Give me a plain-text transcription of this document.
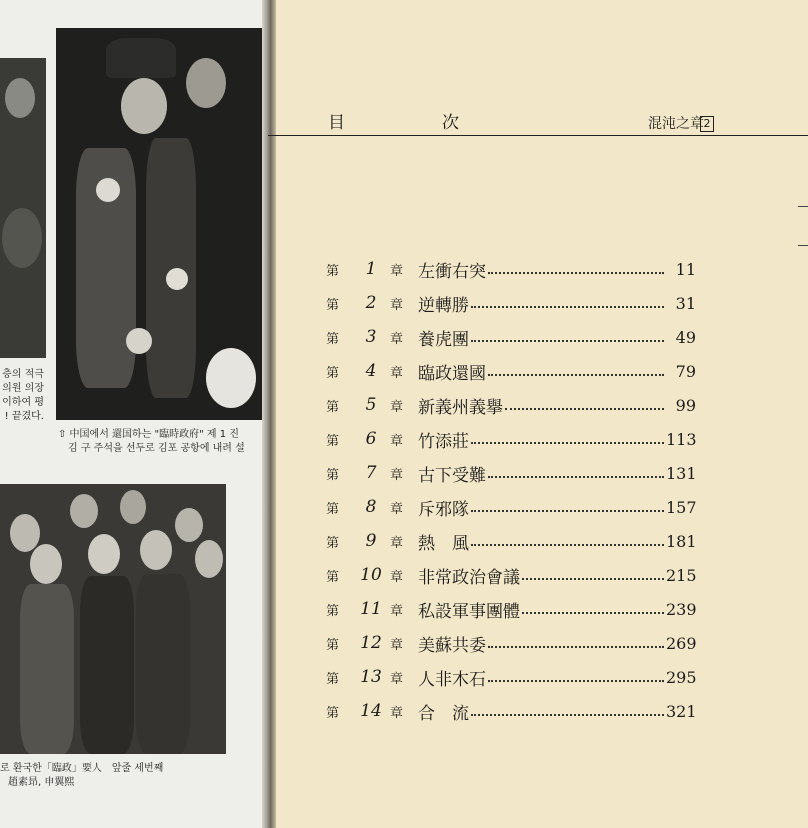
층의 적극
의원 의장
이하여 평
! 끝겼다.
⇧ 中国에서 還国하는 "臨時政府" 제 1 진
김 구 주석을 선두로 김포 공항에 내려 설
로 환국한「臨政」要人　앞줄 세번째
趙素昻, 申翼熙
目　次	混沌之章 2
第	1	章 左衝右突	11
第	2	章 逆轉勝	31
第	3	章 養虎團	49
第	4	章 臨政還國	79
第	5	章 新義州義擧	99
第	6	章 竹添莊	113
第	7	章 古下受難	131
第	8	章 斥邪隊	157
第	9	章 熱　風	181
第	10 章 非常政治會議	215
第	11 章 私設軍事團體	239
第	12 章 美蘇共委	269
第	13 章 人非木石	295
第	14 章 合　流	321
